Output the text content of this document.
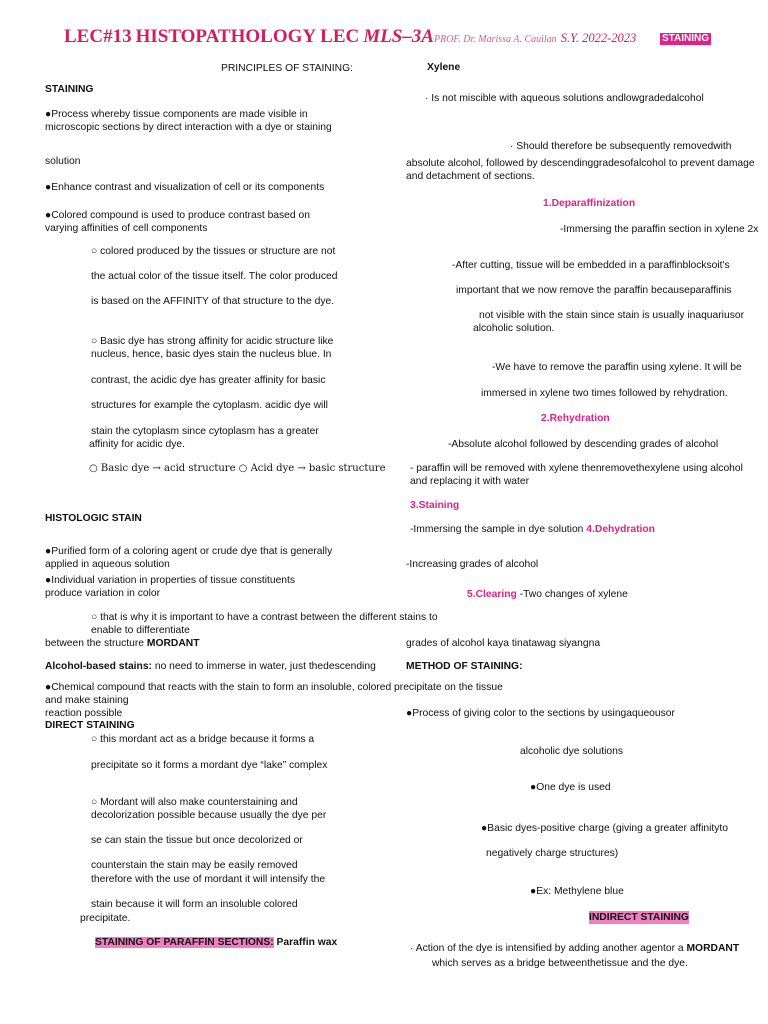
LEC#13 HISTOPATHOLOGY LEC MLS–3APROF. Dr. Marissa A. Cauilan S.Y. 2022-2023	STAINING
PRINCIPLES OF STAINING:
STAINING
●Process whereby tissue components are made visible in
microscopic sections by direct interaction with a dye or staining
solution
●Enhance contrast and visualization of cell or its components
●Colored compound is used to produce contrast based on
varying affinities of cell components
○ colored produced by the tissues or structure are not
the actual color of the tissue itself. The color produced
is based on the AFFINITY of that structure to the dye.
○ Basic dye has strong affinity for acidic structure like
nucleus, hence, basic dyes stain the nucleus blue. In
contrast, the acidic dye has greater affinity for basic
structures for example the cytoplasm. acidic dye will
stain the cytoplasm since cytoplasm has a greater
affinity for acidic dye.
○ Basic dye → acid structure ○ Acid dye → basic structure
HISTOLOGIC STAIN
●Purified form of a coloring agent or crude dye that is generally
applied in aqueous solution
●Individual variation in properties of tissue constituents
produce variation in color
○ that is why it is important to have a contrast between the different stains to
enable to differentiate
between the structure MORDANT
Alcohol-based stains: no need to immerse in water, just thedescending
●Chemical compound that reacts with the stain to form an insoluble, colored precipitate on the tissue
and make staining
reaction possible
DIRECT STAINING
○ this mordant act as a bridge because it forms a
precipitate so it forms a mordant dye “lake” complex
○ Mordant will also make counterstaining and
decolorization possible because usually the dye per
se can stain the tissue but once decolorized or
counterstain the stain may be easily removed
therefore with the use of mordant it will intensify the
stain because it will form an insoluble colored
precipitate.
STAINING OF PARAFFIN SECTIONS: Paraffin wax
Xylene
· Is not miscible with aqueous solutions andlowgradedalcohol
· Should therefore be subsequently removedwith
absolute alcohol, followed by descendinggradesofalcohol to prevent damage
and detachment of sections.
1.Deparaffinization
-Immersing the paraffin section in xylene 2x
-After cutting, tissue will be embedded in a paraffinblocksoit's
important that we now remove the paraffin becauseparaffinis
not visible with the stain since stain is usually inaquariusor
alcoholic solution.
-We have to remove the paraffin using xylene. It will be
immersed in xylene two times followed by rehydration.
2.Rehydration
-Absolute alcohol followed by descending grades of alcohol
- paraffin will be removed with xylene thenremovethexylene using alcohol
and replacing it with water
3.Staining
-Immersing the sample in dye solution 4.Dehydration
-Increasing grades of alcohol
5.Clearing -Two changes of xylene
grades of alcohol kaya tinatawag siyangna
METHOD OF STAINING:
●Process of giving color to the sections by usingaqueousor
alcoholic dye solutions
●One dye is used
●Basic dyes-positive charge (giving a greater affinityto
negatively charge structures)
●Ex: Methylene blue
INDIRECT STAINING
· Action of the dye is intensified by adding another agentor a MORDANT
which serves as a bridge betweenthetissue and the dye.
